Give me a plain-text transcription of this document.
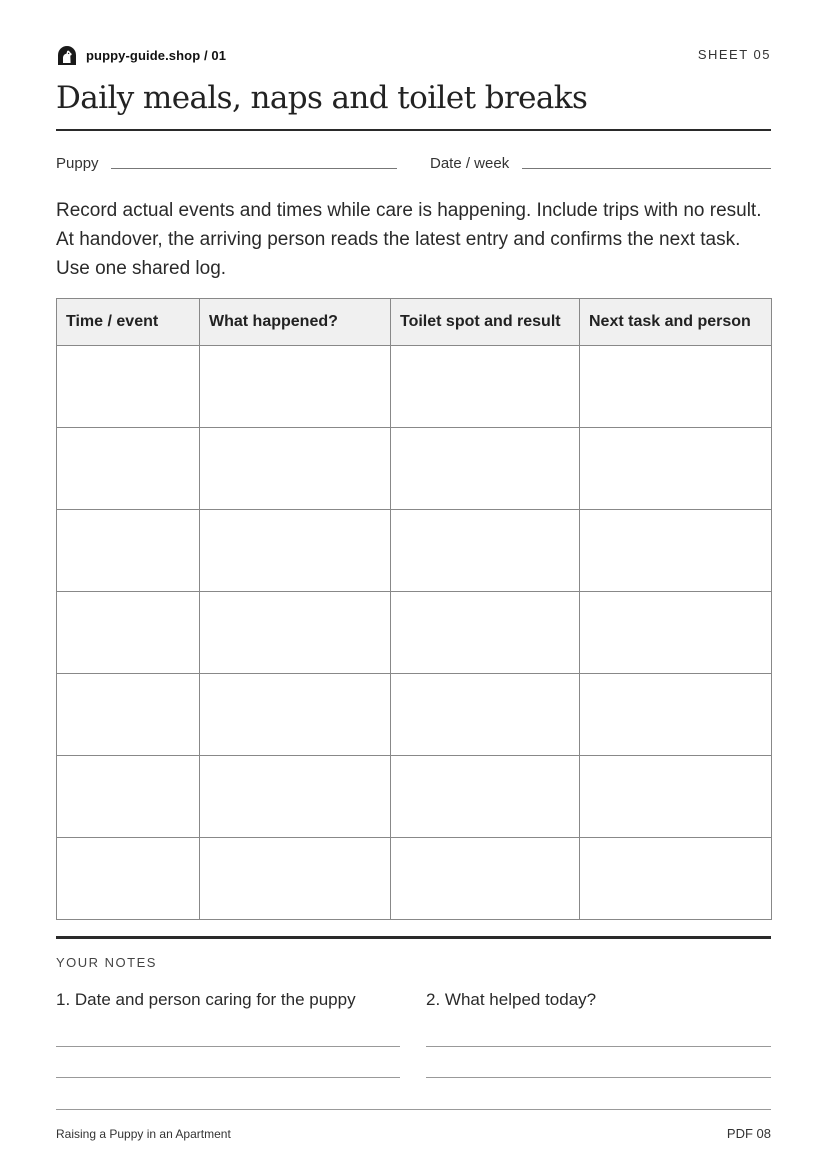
puppy-guide.shop / 01	SHEET 05
Daily meals, naps and toilet breaks
Puppy	Date / week

Record actual events and times while care is happening. Include trips with no result. At handover, the arriving person reads the latest entry and confirms the next task. Use one shared log.

Time / event	What happened?	Toilet spot and result	Next task and person

YOUR NOTES
1. Date and person caring for the puppy	2. What helped today?
Raising a Puppy in an Apartment	PDF 08
